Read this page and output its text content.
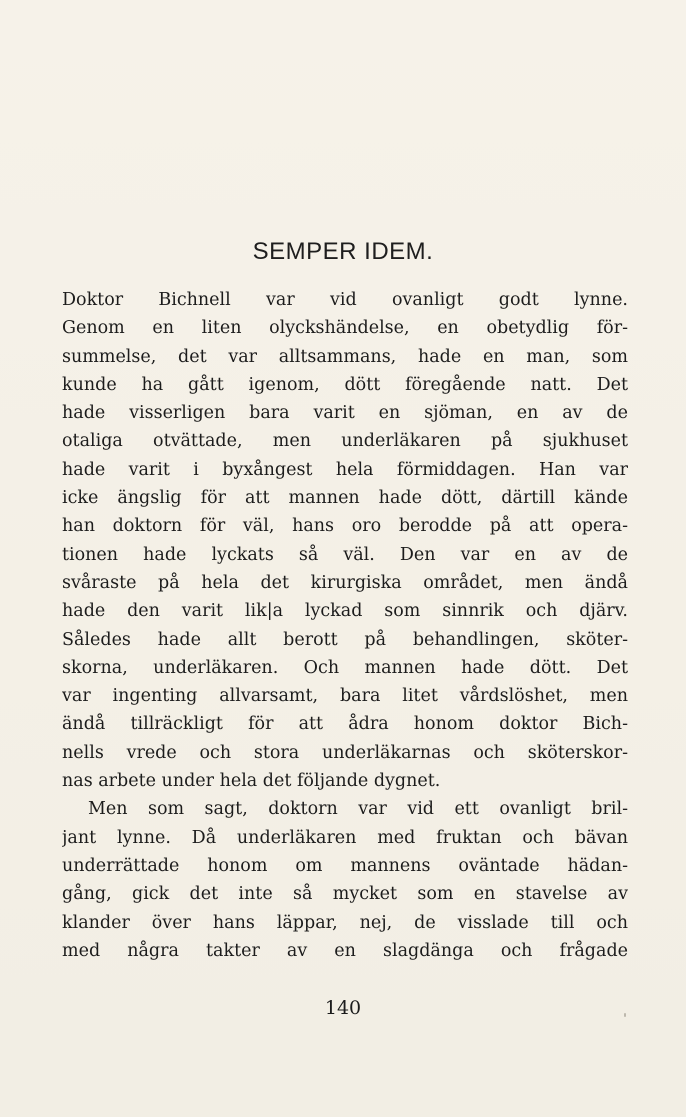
SEMPER IDEM.
Doktor Bichnell var vid ovanligt godt lynne.
Genom en liten olyckshändelse, en obetydlig för-
summelse, det var alltsammans, hade en man, som
kunde ha gått igenom, dött föregående natt. Det
hade visserligen bara varit en sjöman, en av de
otaliga otvättade, men underläkaren på sjukhuset
hade varit i byxångest hela förmiddagen. Han var
icke ängslig för att mannen hade dött, därtill kände
han doktorn för väl, hans oro berodde på att opera-
tionen hade lyckats så väl. Den var en av de
svåraste på hela det kirurgiska området, men ändå
hade den varit lik|a lyckad som sinnrik och djärv.
Således hade allt berott på behandlingen, sköter-
skorna, underläkaren. Och mannen hade dött. Det
var ingenting allvarsamt, bara litet vårdslöshet, men
ändå tillräckligt för att ådra honom doktor Bich-
nells vrede och stora underläkarnas och sköterskor-
nas arbete under hela det följande dygnet.
Men som sagt, doktorn var vid ett ovanligt bril-
jant lynne. Då underläkaren med fruktan och bävan
underrättade honom om mannens oväntade hädan-
gång, gick det inte så mycket som en stavelse av
klander över hans läppar, nej, de visslade till och
med några takter av en slagdänga och frågade
140
